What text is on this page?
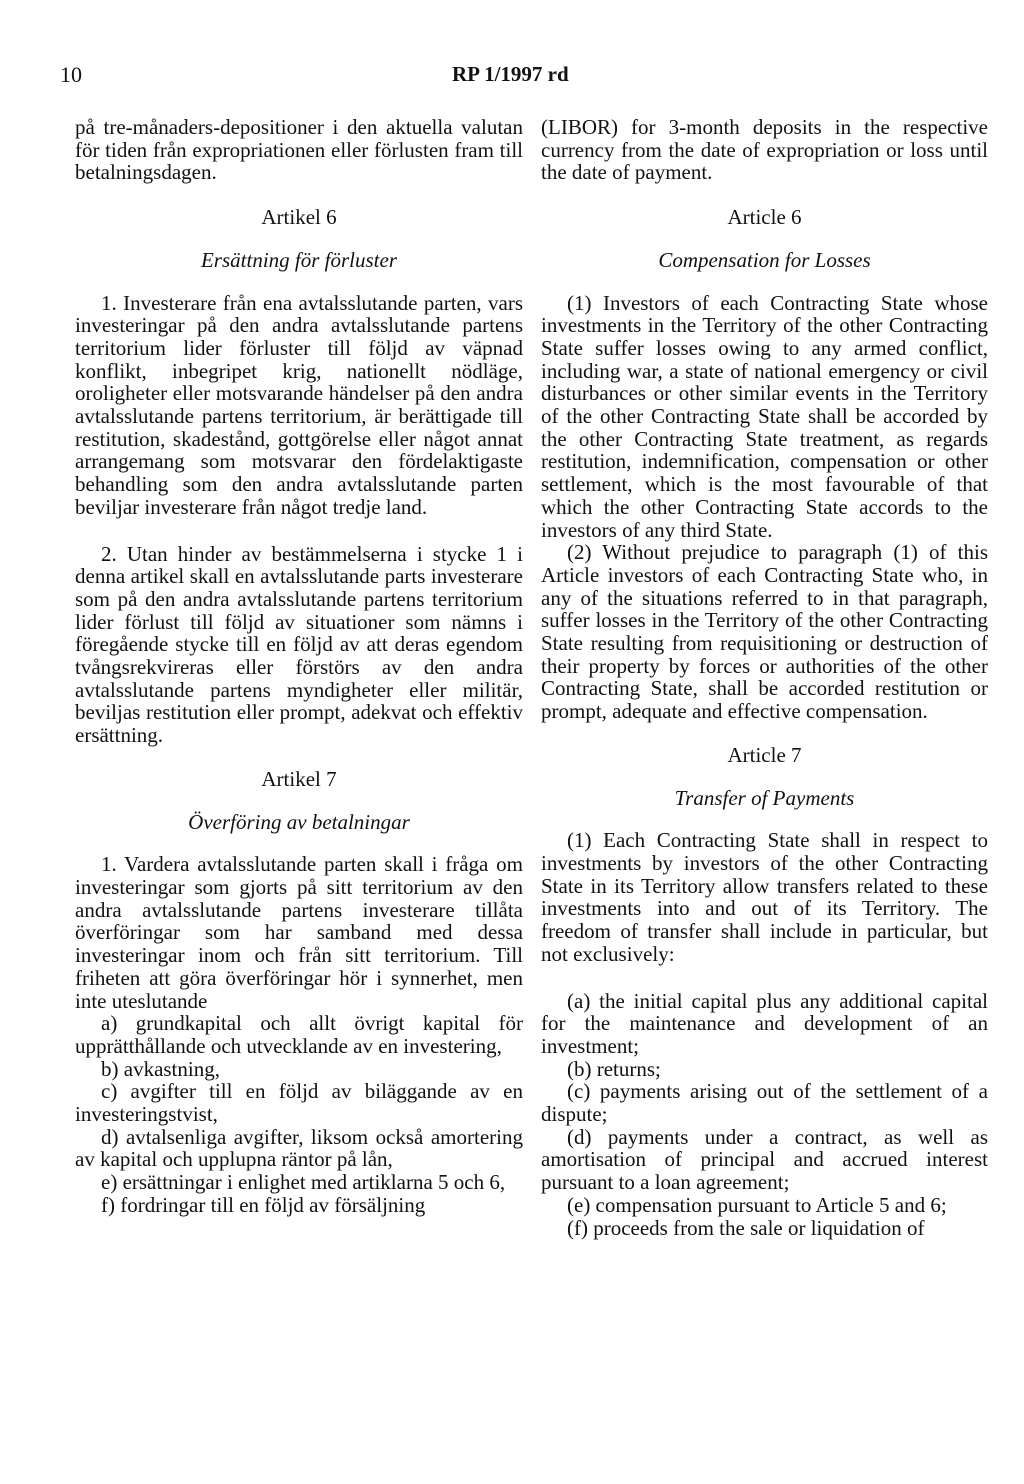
10	RP 1/1997 rd

på tre-månaders-depositioner i den aktuella valutan för tiden från expropriationen eller förlusten fram till betalningsdagen.

Artikel 6

Ersättning för förluster

1. Investerare från ena avtalsslutande parten, vars investeringar på den andra avtalsslutande partens territorium lider förluster till följd av väpnad konflikt, inbegripet krig, nationellt nödläge, oroligheter eller motsvarande händelser på den andra avtalsslutande partens territorium, är berättigade till restitution, skadestånd, gottgörelse eller något annat arrangemang som motsvarar den fördelaktigaste behandling som den andra avtalsslutande parten beviljar investerare från något tredje land.

2. Utan hinder av bestämmelserna i stycke 1 i denna artikel skall en avtalsslutande parts investerare som på den andra avtalsslutande partens territorium lider förlust till följd av situationer som nämns i föregående stycke till en följd av att deras egendom tvångsrekvireras eller förstörs av den andra avtalsslutande partens myndigheter eller militär, beviljas restitution eller prompt, adekvat och effektiv ersättning.

Artikel 7

Överföring av betalningar

1. Vardera avtalsslutande parten skall i fråga om investeringar som gjorts på sitt territorium av den andra avtalsslutande partens investerare tillåta överföringar som har samband med dessa investeringar inom och från sitt territorium. Till friheten att göra överföringar hör i synnerhet, men inte uteslutande

a) grundkapital och allt övrigt kapital för upprätthållande och utvecklande av en investering,

b) avkastning,

c) avgifter till en följd av biläggande av en investeringstvist,

d) avtalsenliga avgifter, liksom också amortering av kapital och upplupna räntor på lån,

e) ersättningar i enlighet med artiklarna 5 och 6,

f) fordringar till en följd av försäljning

(LIBOR) for 3-month deposits in the respective currency from the date of expropriation or loss until the date of payment.

Article 6

Compensation for Losses

(1) Investors of each Contracting State whose investments in the Territory of the other Contracting State suffer losses owing to any armed conflict, including war, a state of national emergency or civil disturbances or other similar events in the Territory of the other Contracting State shall be accorded by the other Contracting State treatment, as regards restitution, indemnification, compensation or other settlement, which is the most favourable of that which the other Contracting State accords to the investors of any third State.

(2) Without prejudice to paragraph (1) of this Article investors of each Contracting State who, in any of the situations referred to in that paragraph, suffer losses in the Territory of the other Contracting State resulting from requisitioning or destruction of their property by forces or authorities of the other Contracting State, shall be accorded restitution or prompt, adequate and effective compensation.

Article 7

Transfer of Payments

(1) Each Contracting State shall in respect to investments by investors of the other Contracting State in its Territory allow transfers related to these investments into and out of its Territory. The freedom of transfer shall include in particular, but not exclusively:

(a) the initial capital plus any additional capital for the maintenance and development of an investment;

(b) returns;

(c) payments arising out of the settlement of a dispute;

(d) payments under a contract, as well as amortisation of principal and accrued interest pursuant to a loan agreement;

(e) compensation pursuant to Article 5 and 6;

(f) proceeds from the sale or liquidation of
